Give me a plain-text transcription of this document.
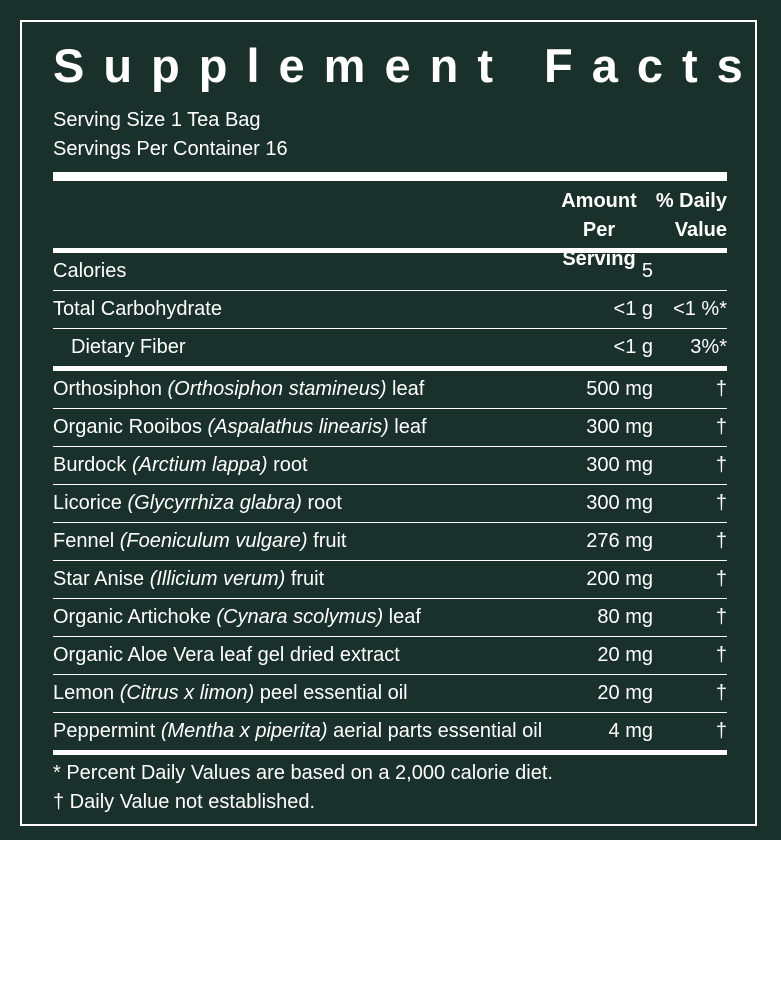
Supplement Facts
Serving Size 1 Tea Bag
Servings Per Container 16
Amount
Per Serving
% Daily
Value
Calories	5
Total Carbohydrate	<1 g <1 %*
Dietary Fiber	<1 g 3%*
Orthosiphon (Orthosiphon stamineus) leaf	500 mg	†
Organic Rooibos (Aspalathus linearis) leaf	300 mg	†
Burdock (Arctium lappa) root	300 mg	†
Licorice (Glycyrrhiza glabra) root	300 mg	†
Fennel (Foeniculum vulgare) fruit	276 mg	†
Star Anise (Illicium verum) fruit	200 mg	†
Organic Artichoke (Cynara scolymus) leaf	80 mg	†
Organic Aloe Vera leaf gel dried extract	20 mg	†
Lemon (Citrus x limon) peel essential oil	20 mg	†
Peppermint (Mentha x piperita) aerial parts essential oil	4 mg	†
* Percent Daily Values are based on a 2,000 calorie diet.
† Daily Value not established.
